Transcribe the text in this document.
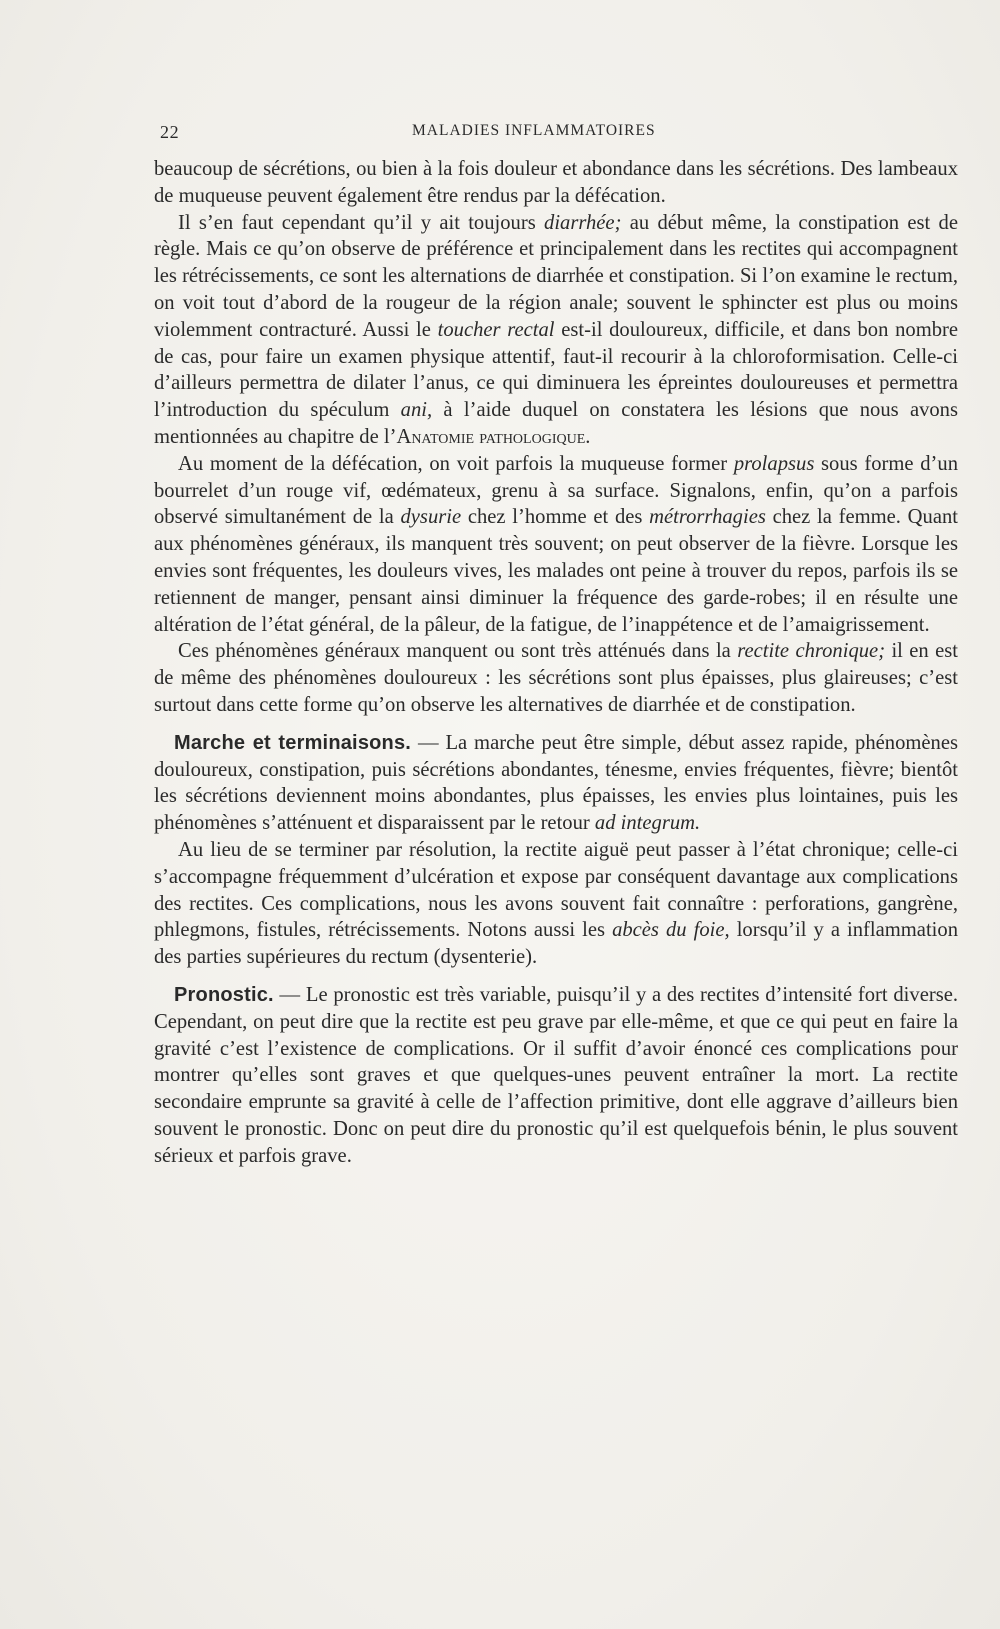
22	MALADIES INFLAMMATOIRES

beaucoup de sécrétions, ou bien à la fois douleur et abondance dans les sécrétions. Des lambeaux de muqueuse peuvent également être rendus par la défécation.

Il s’en faut cependant qu’il y ait toujours diarrhée; au début même, la constipation est de règle. Mais ce qu’on observe de préférence et principalement dans les rectites qui accompagnent les rétrécissements, ce sont les alternations de diarrhée et constipation. Si l’on examine le rectum, on voit tout d’abord de la rougeur de la région anale; souvent le sphincter est plus ou moins violemment contracturé. Aussi le toucher rectal est-il douloureux, difficile, et dans bon nombre de cas, pour faire un examen physique attentif, faut-il recourir à la chloroformisation. Celle-ci d’ailleurs permettra de dilater l’anus, ce qui diminuera les épreintes douloureuses et permettra l’introduction du spéculum ani, à l’aide duquel on constatera les lésions que nous avons mentionnées au chapitre de l’Anatomie pathologique.

Au moment de la défécation, on voit parfois la muqueuse former prolapsus sous forme d’un bourrelet d’un rouge vif, œdémateux, grenu à sa surface. Signalons, enfin, qu’on a parfois observé simultanément de la dysurie chez l’homme et des métrorrhagies chez la femme. Quant aux phénomènes généraux, ils manquent très souvent; on peut observer de la fièvre. Lorsque les envies sont fréquentes, les douleurs vives, les malades ont peine à trouver du repos, parfois ils se retiennent de manger, pensant ainsi diminuer la fréquence des garde-robes; il en résulte une altération de l’état général, de la pâleur, de la fatigue, de l’inappétence et de l’amaigrissement.

Ces phénomènes généraux manquent ou sont très atténués dans la rectite chronique; il en est de même des phénomènes douloureux : les sécrétions sont plus épaisses, plus glaireuses; c’est surtout dans cette forme qu’on observe les alternatives de diarrhée et de constipation.

Marche et terminaisons. — La marche peut être simple, début assez rapide, phénomènes douloureux, constipation, puis sécrétions abondantes, ténesme, envies fréquentes, fièvre; bientôt les sécrétions deviennent moins abondantes, plus épaisses, les envies plus lointaines, puis les phénomènes s’atténuent et disparaissent par le retour ad integrum.

Au lieu de se terminer par résolution, la rectite aiguë peut passer à l’état chronique; celle-ci s’accompagne fréquemment d’ulcération et expose par conséquent davantage aux complications des rectites. Ces complications, nous les avons souvent fait connaître : perforations, gangrène, phlegmons, fistules, rétrécissements. Notons aussi les abcès du foie, lorsqu’il y a inflammation des parties supérieures du rectum (dysenterie).

Pronostic. — Le pronostic est très variable, puisqu’il y a des rectites d’intensité fort diverse. Cependant, on peut dire que la rectite est peu grave par elle-même, et que ce qui peut en faire la gravité c’est l’existence de complications. Or il suffit d’avoir énoncé ces complications pour montrer qu’elles sont graves et que quelques-unes peuvent entraîner la mort. La rectite secondaire emprunte sa gravité à celle de l’affection primitive, dont elle aggrave d’ailleurs bien souvent le pronostic. Donc on peut dire du pronostic qu’il est quelquefois bénin, le plus souvent sérieux et parfois grave.
